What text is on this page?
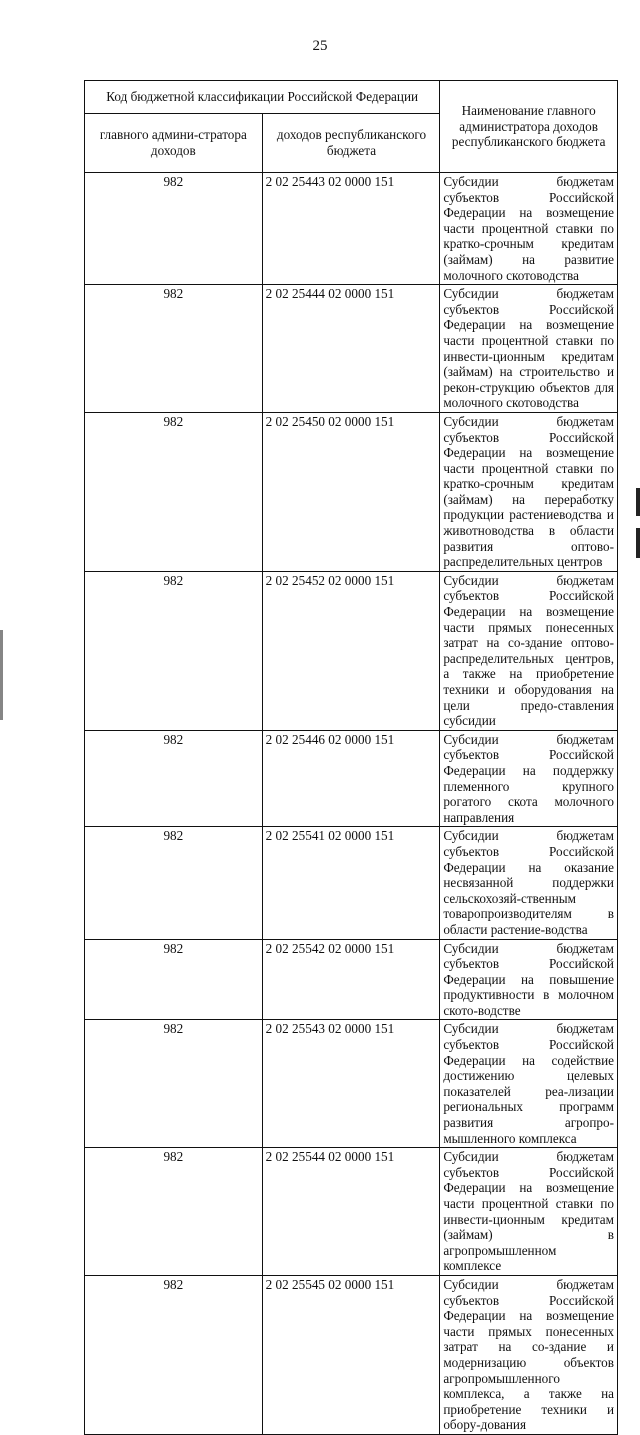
25
Код бюджетной классификации Российской Федерации		Наименование главного администратора доходов республиканского бюджета
главного админи-стратора доходов	доходов республиканского бюджета	
982	2 02 25443 02 0000 151	Субсидии бюджетам субъектов Российской Федерации на возмещение части процентной ставки по кратко-срочным кредитам (займам) на развитие молочного скотоводства
982	2 02 25444 02 0000 151	Субсидии бюджетам субъектов Российской Федерации на возмещение части процентной ставки по инвести-ционным кредитам (займам) на строительство и рекон-струкцию объектов для молочного скотоводства
982	2 02 25450 02 0000 151	Субсидии бюджетам субъектов Российской Федерации на возмещение части процентной ставки по кратко-срочным кредитам (займам) на переработку продукции растениеводства и животноводства в области развития оптово-распределительных центров
982	2 02 25452 02 0000 151	Субсидии бюджетам субъектов Российской Федерации на возмещение части прямых понесенных затрат на со-здание оптово-распределительных центров, а также на приобретение техники и оборудования на цели предо-ставления субсидии
982	2 02 25446 02 0000 151	Субсидии бюджетам субъектов Российской Федерации на поддержку племенного крупного рогатого скота молочного направления
982	2 02 25541 02 0000 151	Субсидии бюджетам субъектов Российской Федерации на оказание несвязанной поддержки сельскохозяй-ственным товаропроизводителям в области растение-водства
982	2 02 25542 02 0000 151	Субсидии бюджетам субъектов Российской Федерации на повышение продуктивности в молочном ското-водстве
982	2 02 25543 02 0000 151	Субсидии бюджетам субъектов Российской Федерации на содействие достижению целевых показателей реа-лизации региональных программ развития агропро-мышленного комплекса
982	2 02 25544 02 0000 151	Субсидии бюджетам субъектов Российской Федерации на возмещение части процентной ставки по инвести-ционным кредитам (займам) в агропромышленном комплексе
982	2 02 25545 02 0000 151	Субсидии бюджетам субъектов Российской Федерации на возмещение части прямых понесенных затрат на со-здание и модернизацию объектов агропромышленного комплекса, а также на приобретение техники и обору-дования
